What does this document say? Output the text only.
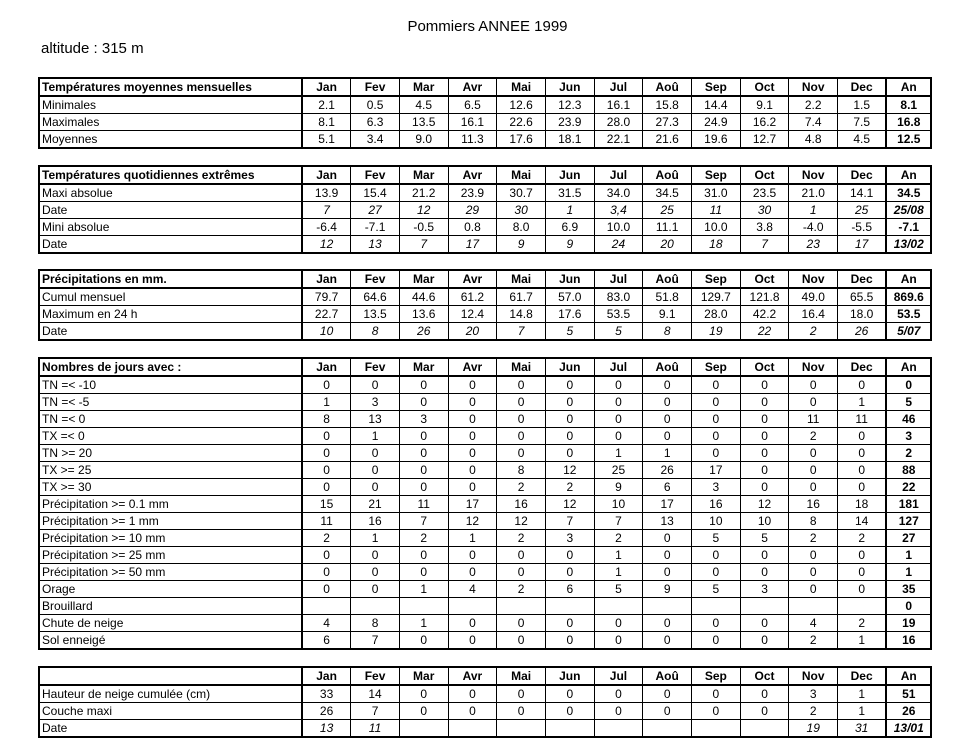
Pommiers ANNEE 1999
altitude : 315 m
Températures moyennes mensuelles	Jan	Fev	Mar	Avr	Mai	Jun	Jul	Aoû	Sep	Oct	Nov	Dec	An
Minimales	2.1	0.5	4.5	6.5	12.6	12.3	16.1	15.8	14.4	9.1	2.2	1.5	8.1
Maximales	8.1	6.3	13.5	16.1	22.6	23.9	28.0	27.3	24.9	16.2	7.4	7.5	16.8
Moyennes	5.1	3.4	9.0	11.3	17.6	18.1	22.1	21.6	19.6	12.7	4.8	4.5	12.5
Températures quotidiennes extrêmes	Jan	Fev	Mar	Avr	Mai	Jun	Jul	Aoû	Sep	Oct	Nov	Dec	An
Maxi absolue	13.9	15.4	21.2	23.9	30.7	31.5	34.0	34.5	31.0	23.5	21.0	14.1	34.5
Date	7	27	12	29	30	1	3,4	25	11	30	1	25	25/08
Mini absolue	-6.4	-7.1	-0.5	0.8	8.0	6.9	10.0	11.1	10.0	3.8	-4.0	-5.5	-7.1
Date	12	13	7	17	9	9	24	20	18	7	23	17	13/02
Précipitations en mm.	Jan	Fev	Mar	Avr	Mai	Jun	Jul	Aoû	Sep	Oct	Nov	Dec	An
Cumul mensuel	79.7	64.6	44.6	61.2	61.7	57.0	83.0	51.8	129.7	121.8	49.0	65.5	869.6
Maximum en 24 h	22.7	13.5	13.6	12.4	14.8	17.6	53.5	9.1	28.0	42.2	16.4	18.0	53.5
Date	10	8	26	20	7	5	5	8	19	22	2	26	5/07
Nombres de jours avec :	Jan	Fev	Mar	Avr	Mai	Jun	Jul	Aoû	Sep	Oct	Nov	Dec	An
TN =< -10	0	0	0	0	0	0	0	0	0	0	0	0	0
TN =< -5	1	3	0	0	0	0	0	0	0	0	0	1	5
TN =< 0	8	13	3	0	0	0	0	0	0	0	11	11	46
TX =< 0	0	1	0	0	0	0	0	0	0	0	2	0	3
TN >= 20	0	0	0	0	0	0	1	1	0	0	0	0	2
TX >= 25	0	0	0	0	8	12	25	26	17	0	0	0	88
TX >= 30	0	0	0	0	2	2	9	6	3	0	0	0	22
Précipitation >= 0.1 mm	15	21	11	17	16	12	10	17	16	12	16	18	181
Précipitation >= 1 mm	11	16	7	12	12	7	7	13	10	10	8	14	127
Précipitation >= 10 mm	2	1	2	1	2	3	2	0	5	5	2	2	27
Précipitation >= 25 mm	0	0	0	0	0	0	1	0	0	0	0	0	1
Précipitation >= 50 mm	0	0	0	0	0	0	1	0	0	0	0	0	1
Orage	0	0	1	4	2	6	5	9	5	3	0	0	35
Brouillard													0
Chute de neige	4	8	1	0	0	0	0	0	0	0	4	2	19
Sol enneigé	6	7	0	0	0	0	0	0	0	0	2	1	16
	Jan	Fev	Mar	Avr	Mai	Jun	Jul	Aoû	Sep	Oct	Nov	Dec	An
Hauteur de neige cumulée (cm)	33	14	0	0	0	0	0	0	0	0	3	1	51
Couche maxi	26	7	0	0	0	0	0	0	0	0	2	1	26
Date	13	11									19	31	13/01
